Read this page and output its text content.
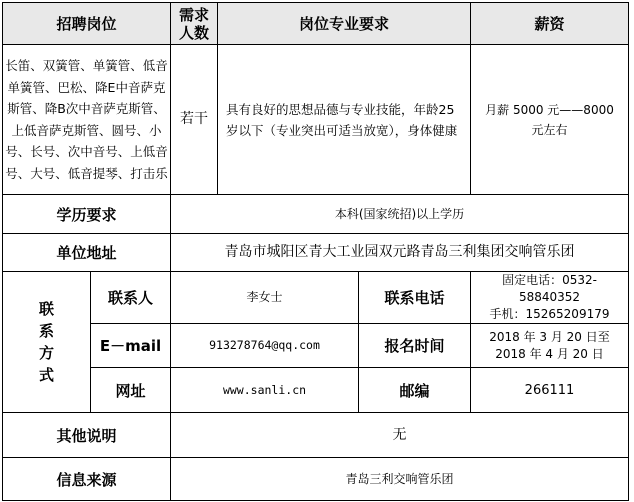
招聘岗位		需求人数	岗位专业要求		薪资
长笛、双簧管、单簧管、低音单簧管、巴松、降E中音萨克斯管、降B次中音萨克斯管、上低音萨克斯管、圆号、小号、长号、次中音号、上低音号、大号、低音提琴、打击乐		若干	具有良好的思想品德与专业技能，年龄25岁以下（专业突出可适当放宽），身体健康		月薪 5000 元——8000 元左右
学历要求		本科(国家统招)以上学历			
单位地址		青岛市城阳区青大工业园双元路青岛三利集团交响管乐团			
联系方式	联系人	李女士		联系电话	固定电话：0532-58840352
手机：15265209179

	E－mail	913278764@qq.com		报名时间	2018 年 3 月 20 日至
2018 年 4 月 20 日

	网址	www.sanli.cn		邮编	266111
其他说明		无			
信息来源		青岛三利交响管乐团			
